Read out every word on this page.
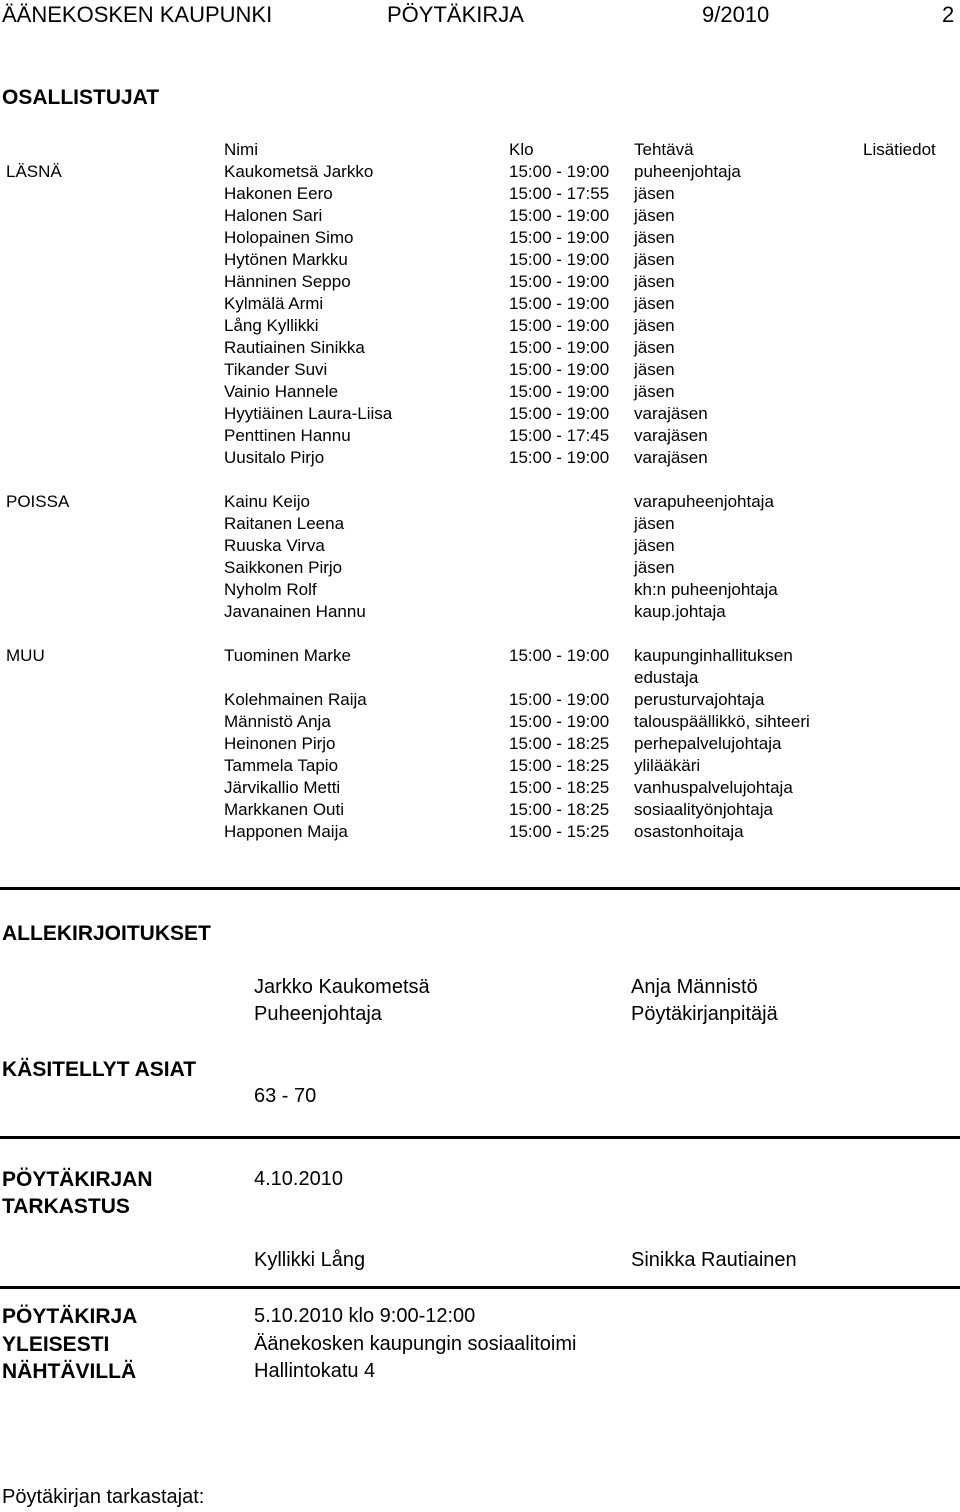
ÄÄNEKOSKEN KAUPUNKI	PÖYTÄKIRJA	9/2010	2
OSALLISTUJAT
Nimi	Klo	Tehtävä	Lisätiedot
LÄSNÄ	Kaukometsä Jarkko	15:00 - 19:00 puheenjohtaja
Hakonen Eero	15:00 - 17:55 jäsen
Halonen Sari	15:00 - 19:00 jäsen
Holopainen Simo	15:00 - 19:00 jäsen
Hytönen Markku	15:00 - 19:00 jäsen
Hänninen Seppo	15:00 - 19:00 jäsen
Kylmälä Armi	15:00 - 19:00 jäsen
Lång Kyllikki	15:00 - 19:00 jäsen
Rautiainen Sinikka	15:00 - 19:00 jäsen
Tikander Suvi	15:00 - 19:00 jäsen
Vainio Hannele	15:00 - 19:00 jäsen
Hyytiäinen Laura-Liisa	15:00 - 19:00 varajäsen
Penttinen Hannu	15:00 - 17:45 varajäsen
Uusitalo Pirjo	15:00 - 19:00 varajäsen
POISSA	Kainu Keijo	varapuheenjohtaja
Raitanen Leena	jäsen
Ruuska Virva	jäsen
Saikkonen Pirjo	jäsen
Nyholm Rolf	kh:n puheenjohtaja
Javanainen Hannu	kaup.johtaja
MUU	Tuominen Marke	15:00 - 19:00 kaupunginhallituksen
edustaja
Kolehmainen Raija	15:00 - 19:00 perusturvajohtaja
Männistö Anja	15:00 - 19:00 talouspäällikkö, sihteeri
Heinonen Pirjo	15:00 - 18:25 perhepalvelujohtaja
Tammela Tapio	15:00 - 18:25 ylilääkäri
Järvikallio Metti	15:00 - 18:25 vanhuspalvelujohtaja
Markkanen Outi	15:00 - 18:25 sosiaalityönjohtaja
Happonen Maija	15:00 - 15:25 osastonhoitaja
ALLEKIRJOITUKSET
Jarkko Kaukometsä
Puheenjohtaja
Anja Männistö
Pöytäkirjanpitäjä
KÄSITELLYT ASIAT
63 - 70
PÖYTÄKIRJAN
TARKASTUS
4.10.2010
Kyllikki Lång	Sinikka Rautiainen
PÖYTÄKIRJA
YLEISESTI
NÄHTÄVILLÄ
5.10.2010 klo 9:00-12:00
Äänekosken kaupungin sosiaalitoimi
Hallintokatu 4
Pöytäkirjan tarkastajat:
